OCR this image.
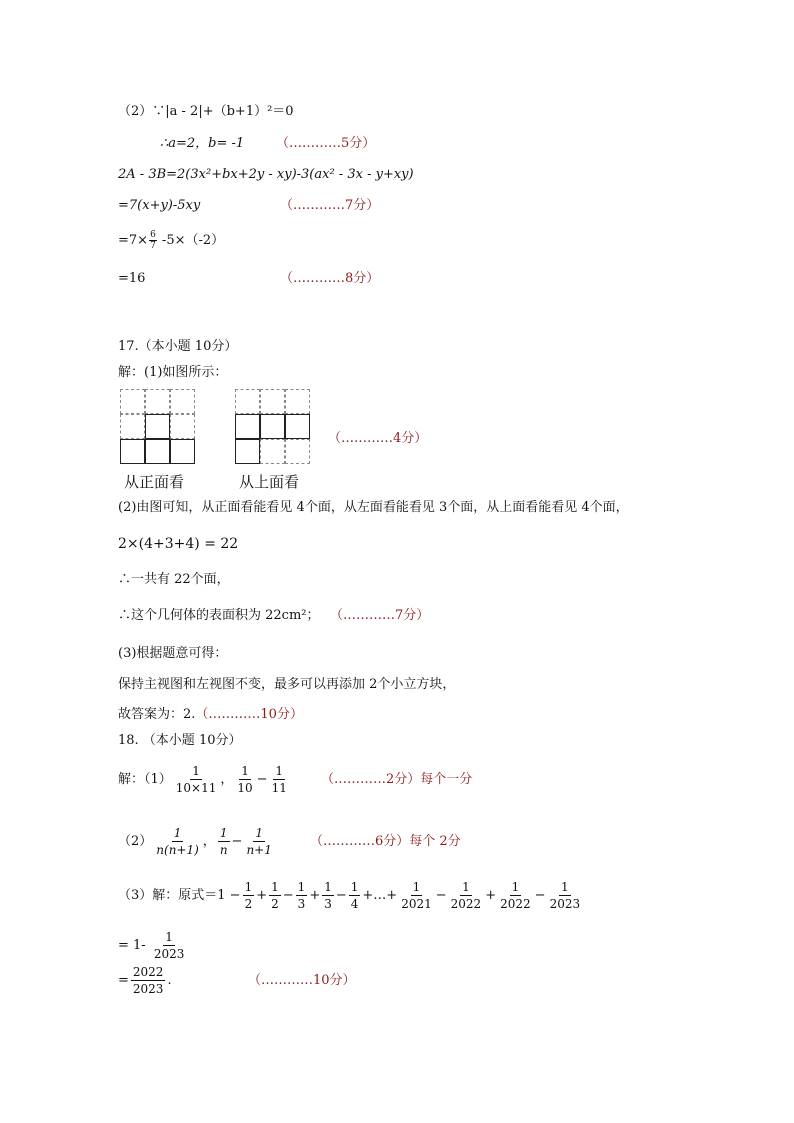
（2）∵|a - 2|+（b+1）²＝0
∴a=2，b= -1 （…………5分）
2A - 3B=2(3x²+bx+2y - xy)-3(ax² - 3x - y+xy)
=7(x+y)-5xy	（…………7分）
$=7\times \frac{6}{7} -5\times(-2)$
=16	（…………8分）
17.（本小题 10分）
解：(1)如图所示：
从正面看	从上面看
（…………4分）
(2)由图可知，从正面看能看见 4个面，从左面看能看见 3个面，从上面看能看见 4个面，
2×(4+3+4) = 22
∴一共有 22个面，
∴这个几何体的表面积为 22cm²； （…………7分）
(3)根据题意可得：
保持主视图和左视图不变，最多可以再添加 2个小立方块，
故答案为：2.（…………10分）
18. （本小题 10分）
解：$(1) \frac{1}{10\times 11}$ ， $\frac{1}{10} - \frac{1}{11}$ （…………2分）每个一分
$(2) \frac{1}{n(n+1)}$ ， $\frac{1}{n} - \frac{1}{n+1}$	（…………6分）每个 2分
（3）解：原式$=1 - \frac{1}{2} + \frac{1}{2} - \frac{1}{3} + \frac{1}{3} - \frac{1}{4}$ +…+ $\frac{1}{2021} - \frac{1}{2022} + \frac{1}{2022} - \frac{1}{2023}$
= $1- \frac{1}{2023}$
= $\frac{2022}{2023}$ .	（…………10分）
